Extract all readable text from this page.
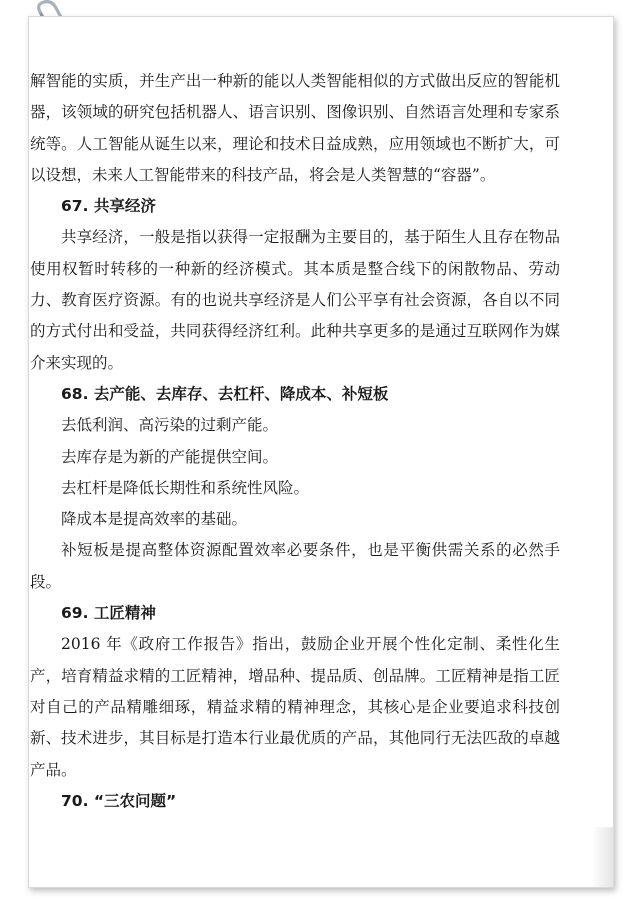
解智能的实质，并生产出一种新的能以人类智能相似的方式做出反应的智能机器，该领域的研究包括机器人、语言识别、图像识别、自然语言处理和专家系统等。人工智能从诞生以来，理论和技术日益成熟，应用领域也不断扩大，可以设想，未来人工智能带来的科技产品，将会是人类智慧的“容器”。

67. 共享经济

共享经济，一般是指以获得一定报酬为主要目的，基于陌生人且存在物品使用权暂时转移的一种新的经济模式。其本质是整合线下的闲散物品、劳动力、教育医疗资源。有的也说共享经济是人们公平享有社会资源，各自以不同的方式付出和受益，共同获得经济红利。此种共享更多的是通过互联网作为媒介来实现的。

68. 去产能、去库存、去杠杆、降成本、补短板

去低利润、高污染的过剩产能。

去库存是为新的产能提供空间。

去杠杆是降低长期性和系统性风险。

降成本是提高效率的基础。

补短板是提高整体资源配置效率必要条件，也是平衡供需关系的必然手段。

69. 工匠精神

2016 年《政府工作报告》指出，鼓励企业开展个性化定制、柔性化生产，培育精益求精的工匠精神，增品种、提品质、创品牌。工匠精神是指工匠对自己的产品精雕细琢，精益求精的精神理念，其核心是企业要追求科技创新、技术进步，其目标是打造本行业最优质的产品，其他同行无法匹敌的卓越产品。

70. “三农问题”
